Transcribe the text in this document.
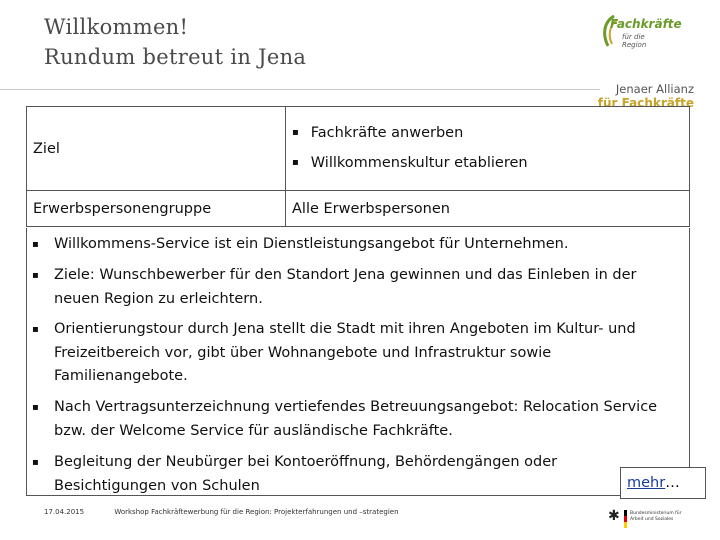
Willkommen!
Rundum betreut in Jena
Fachkräfte
für die Region
Jenaer Allianz
für Fachkräfte
Ziel	▪ Fachkräfte anwerben
▪ Willkommenskultur etablieren

Erwerbspersonengruppe	Alle Erwerbspersonen
▪ Willkommens-Service ist ein Dienstleistungsangebot für Unternehmen.
▪ Ziele: Wunschbewerber für den Standort Jena gewinnen und das Einleben in der neuen Region zu erleichtern.
▪ Orientierungstour durch Jena stellt die Stadt mit ihren Angeboten im Kultur- und Freizeitbereich vor, gibt über Wohnangebote und Infrastruktur sowie Familienangebote.
▪ Nach Vertragsunterzeichnung vertiefendes Betreuungsangebot: Relocation Service bzw. der Welcome Service für ausländische Fachkräfte.
▪ Begleitung der Neubürger bei Kontoeröffnung, Behördengängen oder Besichtigungen von Schulen	mehr…
17.04.2015	Workshop Fachkräftewerbung für die Region: Projekterfahrungen und –strategien	✱ Bundesministerium für Arbeit und Soziales
